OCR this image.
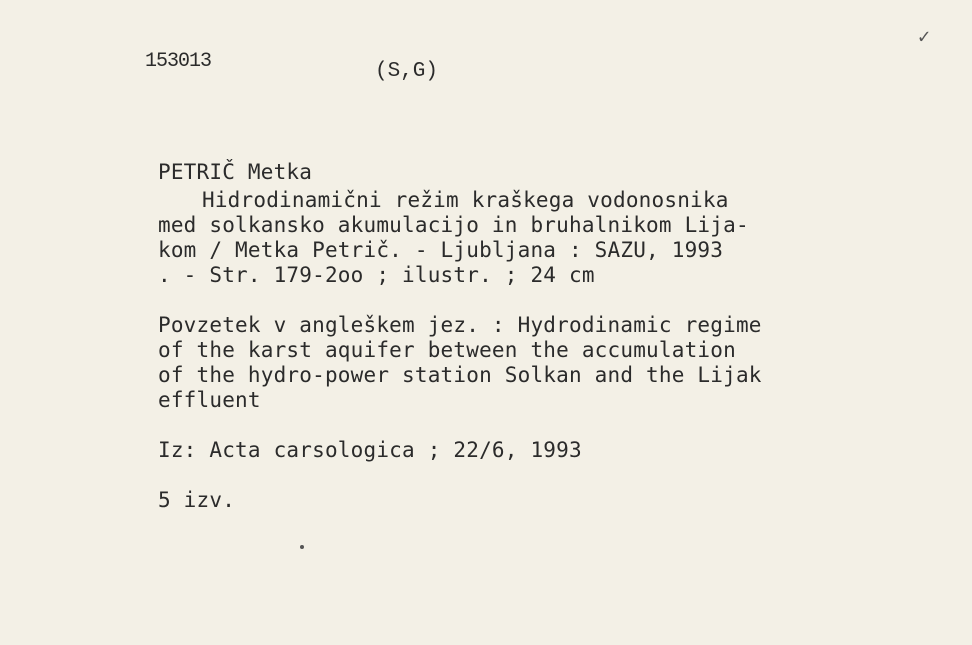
153013	(S,G)
✓
PETRIČ Metka
Hidrodinamični režim kraškega vodonosnika
med solkansko akumulacijo in bruhalnikom Lija-
kom / Metka Petrič. - Ljubljana : SAZU, 1993
. - Str. 179-2oo ; ilustr. ; 24 cm
Povzetek v angleškem jez. : Hydrodinamic regime
of the karst aquifer between the accumulation
of the hydro-power station Solkan and the Lijak
effluent
Iz: Acta carsologica ; 22/6, 1993
5 izv.
